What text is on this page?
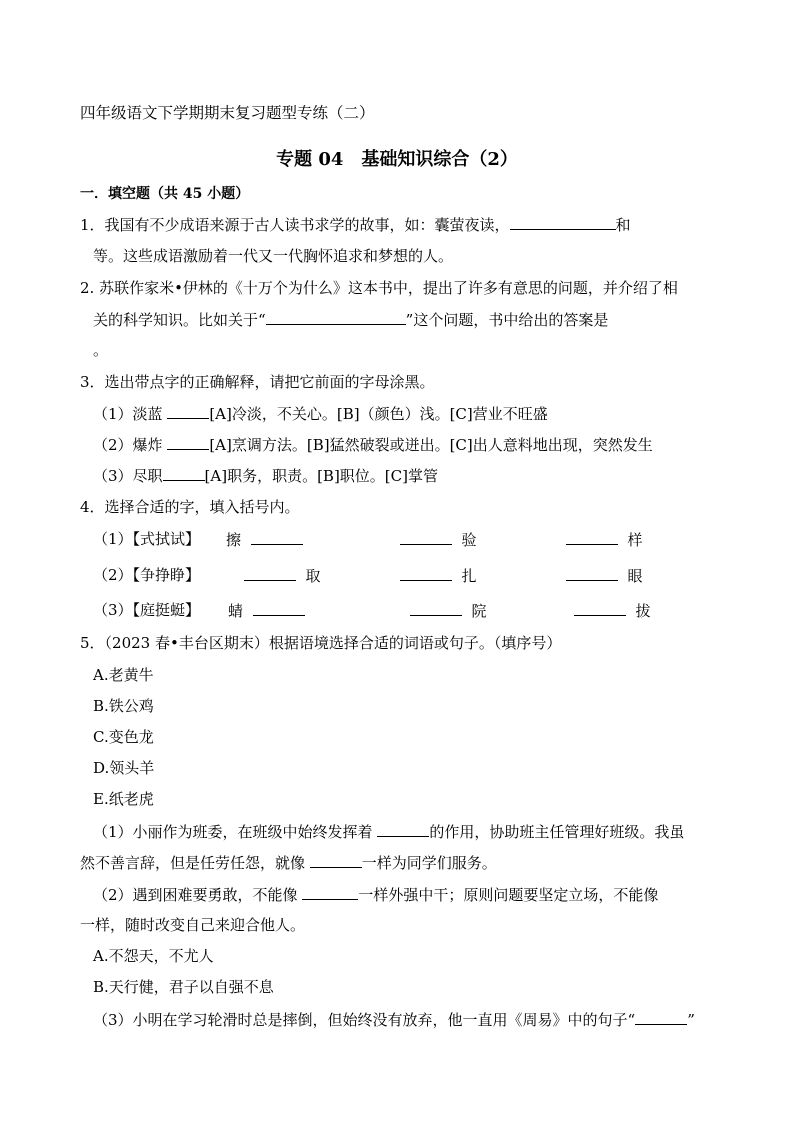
四年级语文下学期期末复习题型专练（二）
专题 04　基础知识综合（2）
一．填空题（共 45 小题）
1．我国有不少成语来源于古人读书求学的故事，如：囊萤夜读，	和
等。这些成语激励着一代又一代胸怀追求和梦想的人。
2. 苏联作家米•伊林的《十万个为什么》这本书中，提出了许多有意思的问题，并介绍了相
关的科学知识。比如关于“	”这个问题，书中给出的答案是
。
3．选出带点字的正确解释，请把它前面的字母涂黑。
（1）淡蓝	[A]冷淡，不关心。[B]（颜色）浅。[C]营业不旺盛
（2）爆炸	[A]烹调方法。[B]猛然破裂或迸出。[C]出人意料地出现，突然发生
（3）尽职	[A]职务，职责。[B]职位。[C]掌管
4．选择合适的字，填入括号内。
（1）【式拭试】 擦	验	样
（2）【争挣睁】	取	扎	眼
（3）【庭挺蜓】 蜻	院	拔
5．（2023 春•丰台区期末）根据语境选择合适的词语或句子。（填序号）
A.老黄牛
B.铁公鸡
C.变色龙
D.领头羊
E.纸老虎
（1）小丽作为班委，在班级中始终发挥着	的作用，协助班主任管理好班级。我虽
然不善言辞，但是任劳任怨，就像	一样为同学们服务。
（2）遇到困难要勇敢，不能像	一样外强中干；原则问题要坚定立场，不能像
一样，随时改变自己来迎合他人。
A.不怨天，不尤人
B.天行健，君子以自强不息
（3）小明在学习轮滑时总是摔倒，但始终没有放弃，他一直用《周易》中的句子“	”
